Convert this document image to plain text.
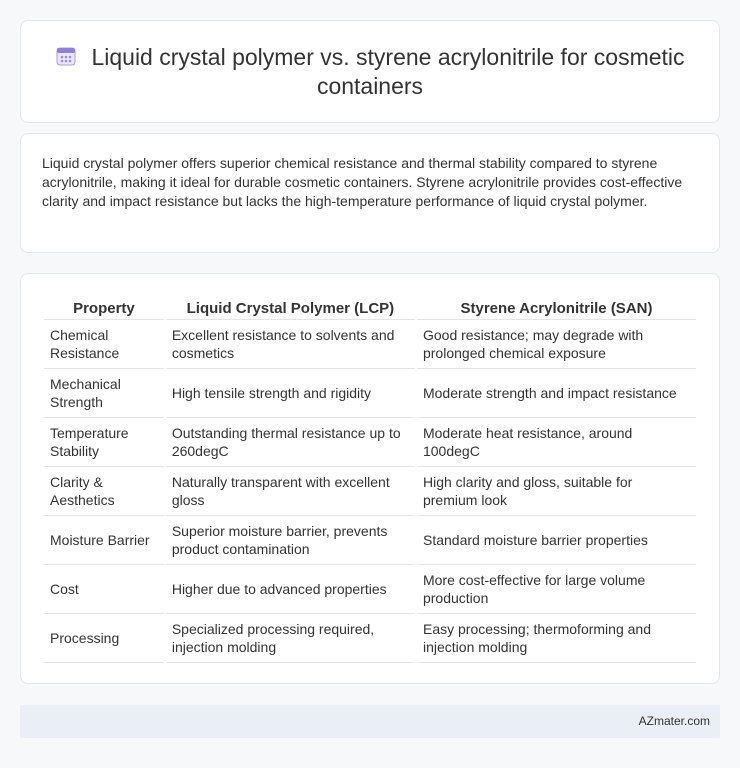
Liquid crystal polymer vs. styrene acrylonitrile for cosmetic containers

Liquid crystal polymer offers superior chemical resistance and thermal stability compared to styrene acrylonitrile, making it ideal for durable cosmetic containers. Styrene acrylonitrile provides cost-effective clarity and impact resistance but lacks the high-temperature performance of liquid crystal polymer.

Property	Liquid Crystal Polymer (LCP)	Styrene Acrylonitrile (SAN)
Chemical Resistance	Excellent resistance to solvents and cosmetics	Good resistance; may degrade with prolonged chemical exposure
Mechanical Strength	High tensile strength and rigidity	Moderate strength and impact resistance
Temperature Stability	Outstanding thermal resistance up to 260degC	Moderate heat resistance, around 100degC
Clarity & Aesthetics	Naturally transparent with excellent gloss	High clarity and gloss, suitable for premium look
Moisture Barrier	Superior moisture barrier, prevents product contamination	Standard moisture barrier properties
Cost	Higher due to advanced properties	More cost-effective for large volume production
Processing	Specialized processing required, injection molding	Easy processing; thermoforming and injection molding
AZmater.com
